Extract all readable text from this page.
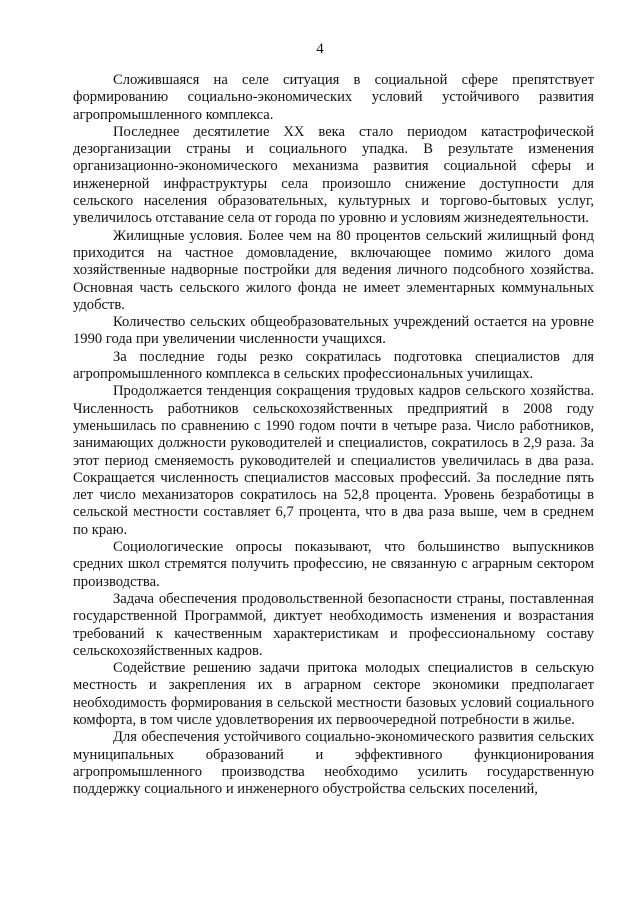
4

Сложившаяся на селе ситуация в социальной сфере препятствует формированию социально-экономических условий устойчивого развития агропромышленного комплекса.

Последнее десятилетие ХХ века стало периодом катастрофической дезорганизации страны и социального упадка. В результате изменения организационно-экономического механизма развития социальной сферы и инженерной инфраструктуры села произошло снижение доступности для сельского населения образовательных, культурных и торгово-бытовых услуг, увеличилось отставание села от города по уровню и условиям жизнедеятельности.

Жилищные условия. Более чем на 80 процентов сельский жилищный фонд приходится на частное домовладение, включающее помимо жилого дома хозяйственные надворные постройки для ведения личного подсобного хозяйства. Основная часть сельского жилого фонда не имеет элементарных коммунальных удобств.

Количество сельских общеобразовательных учреждений остается на уровне 1990 года при увеличении численности учащихся.

За последние годы резко сократилась подготовка специалистов для агропромышленного комплекса в сельских профессиональных училищах.

Продолжается тенденция сокращения трудовых кадров сельского хозяйства. Численность работников сельскохозяйственных предприятий в 2008 году уменьшилась по сравнению с 1990 годом почти в четыре раза. Число работников, занимающих должности руководителей и специалистов, сократилось в 2,9 раза. За этот период сменяемость руководителей и специалистов увеличилась в два раза. Сокращается численность специалистов массовых профессий. За последние пять лет число механизаторов сократилось на 52,8 процента. Уровень безработицы в сельской местности составляет 6,7 процента, что в два раза выше, чем в среднем по краю.

Социологические опросы показывают, что большинство выпускников средних школ стремятся получить профессию, не связанную с аграрным сектором производства.

Задача обеспечения продовольственной безопасности страны, поставленная государственной Программой, диктует необходимость изменения и возрастания требований к качественным характеристикам и профессиональному составу сельскохозяйственных кадров.

Содействие решению задачи притока молодых специалистов в сельскую местность и закрепления их в аграрном секторе экономики предполагает необходимость формирования в сельской местности базовых условий социального комфорта, в том числе удовлетворения их первоочередной потребности в жилье.

Для обеспечения устойчивого социально-экономического развития сельских муниципальных образований и эффективного функционирования агропромышленного производства необходимо усилить государственную поддержку социального и инженерного обустройства сельских поселений,
